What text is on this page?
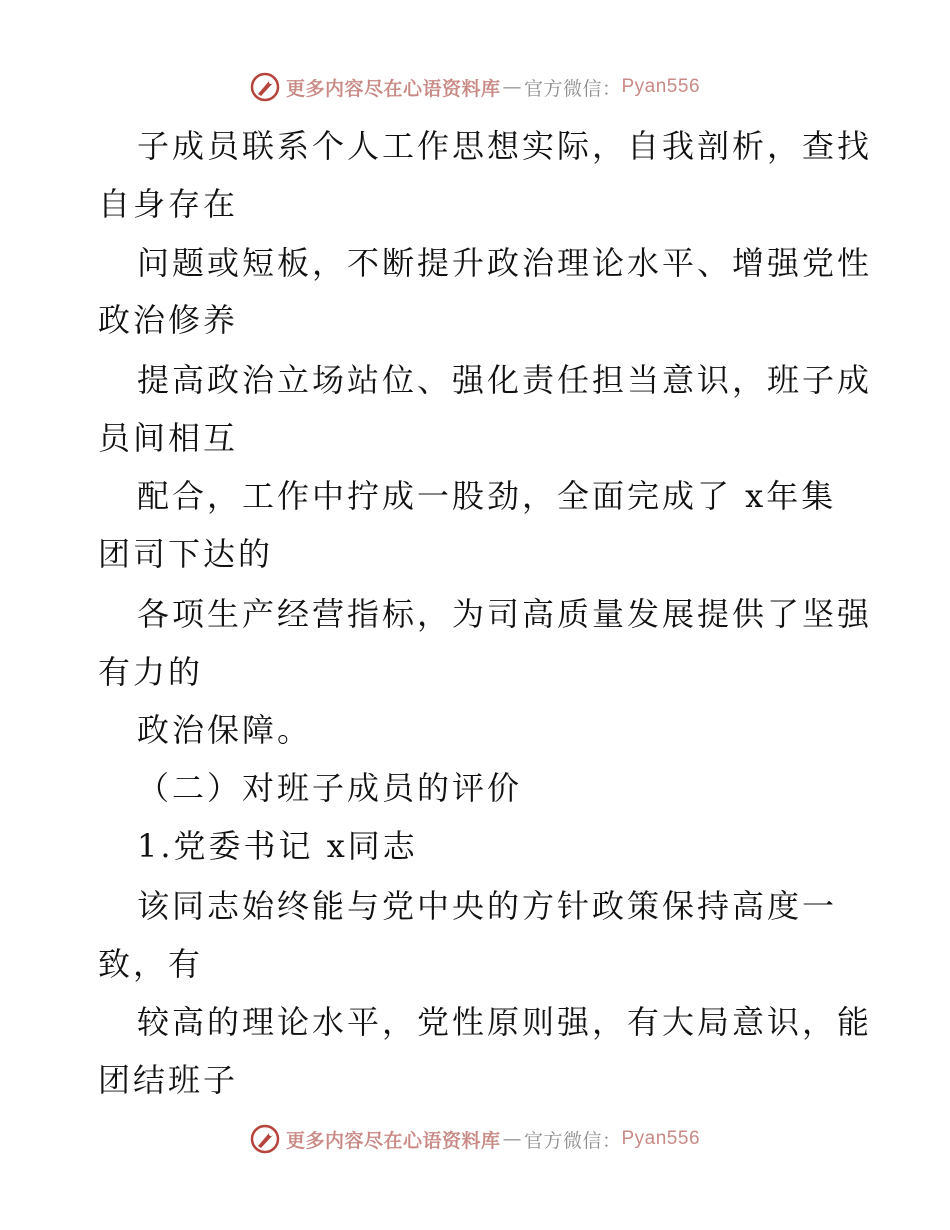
更多内容尽在心语资料库 — 官方微信： Pyan556
子成员联系个人工作思想实际，自我剖析，查找
自身存在
问题或短板，不断提升政治理论水平、增强党性
政治修养
提高政治立场站位、强化责任担当意识，班子成
员间相互
配合，工作中拧成一股劲，全面完成了 x年集
团司下达的
各项生产经营指标，为司高质量发展提供了坚强
有力的
政治保障。
（二）对班子成员的评价
1.党委书记 x同志
该同志始终能与党中央的方针政策保持高度一
致，有
较高的理论水平，党性原则强，有大局意识，能
团结班子
更多内容尽在心语资料库 — 官方微信： Pyan556
